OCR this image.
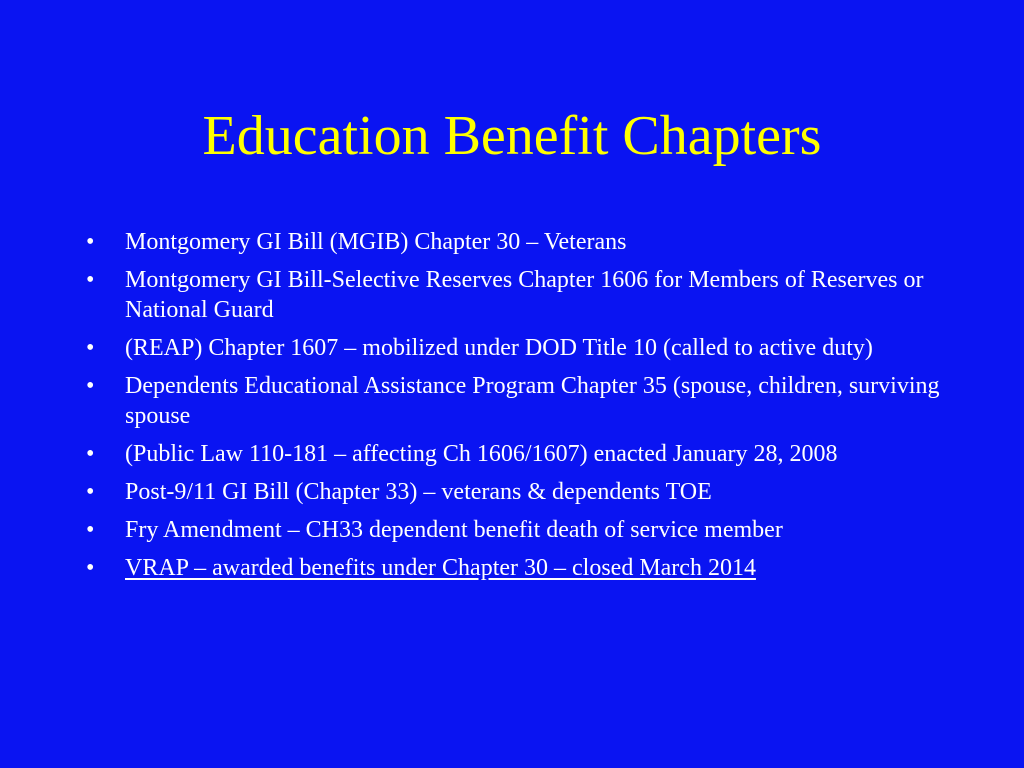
Education Benefit Chapters
•	Montgomery GI Bill (MGIB) Chapter 30 – Veterans
•	Montgomery GI Bill-Selective Reserves Chapter 1606 for Members of Reserves or National Guard
•	(REAP) Chapter 1607 – mobilized under DOD Title 10 (called to active duty)
•	Dependents Educational Assistance Program Chapter 35 (spouse, children, surviving spouse
•	(Public Law 110-181 – affecting Ch 1606/1607) enacted January 28, 2008
•	Post-9/11 GI Bill (Chapter 33) – veterans & dependents TOE
•	Fry Amendment – CH33 dependent benefit death of service member
•	VRAP – awarded benefits under Chapter 30 – closed March 2014
